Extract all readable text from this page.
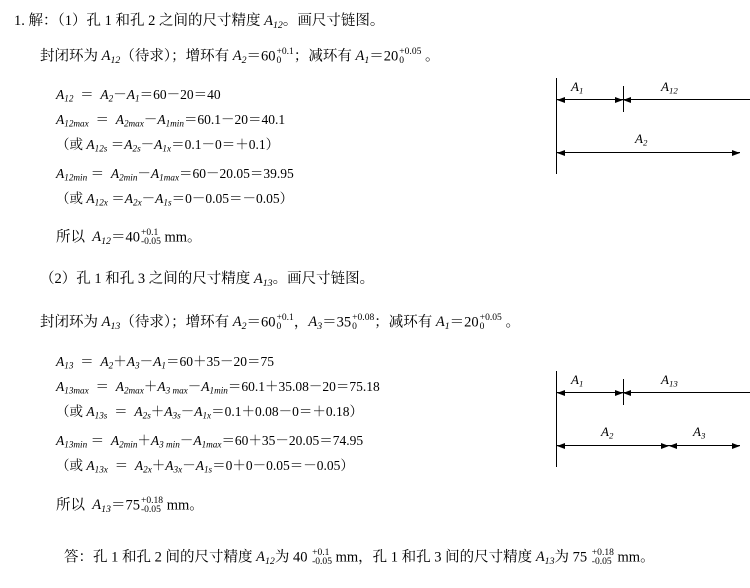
1. 解：（1）孔 1 和孔 2 之间的尺寸精度 A12。画尺寸链图。
封闭环为 A12（待求）；增环有 A2＝60 +0.1
0 ；减环有 A1＝20 +0.05
0	。
A12  ＝  A2－A1＝60－20＝40
A12max  ＝  A2max－A1min＝60.1－20＝40.1
（或 A12s ＝A2s－A1x＝0.1－0＝＋0.1）
A12min ＝  A2min－A1max＝60－20.05＝39.95
（或 A12x ＝A2x－A1s＝0－0.05＝－0.05）
所以  A12＝40 +0.1
-0.05 mm。
（2）孔 1 和孔 3 之间的尺寸精度 A13。画尺寸链图。
封闭环为 A13（待求）；增环有 A2＝60 +0.1
0 ，A3＝35 +0.08
0	；减环有 A1＝20 +0.05
0	。
A13  ＝  A2＋A3－A1＝60＋35－20＝75
A13max  ＝  A2max＋A3 max－A1min＝60.1＋35.08－20＝75.18
（或 A13s  ＝  A2s＋A3s－A1x＝0.1＋0.08－0＝＋0.18）
A13min ＝  A2min＋A3 min－A1max＝60＋35－20.05＝74.95
（或 A13x  ＝  A2x＋A3x－A1s＝0＋0－0.05＝－0.05）
所以  A13＝75 +0.18
-0.05 mm。
答：孔 1 和孔 2 间的尺寸精度 A12为 40 +0.1
-0.05 mm，孔 1 和孔 3 间的尺寸精度 A13为 75 +0.18
-0.05 mm。
A1	A12
A2
A1	A13
A2	A3
